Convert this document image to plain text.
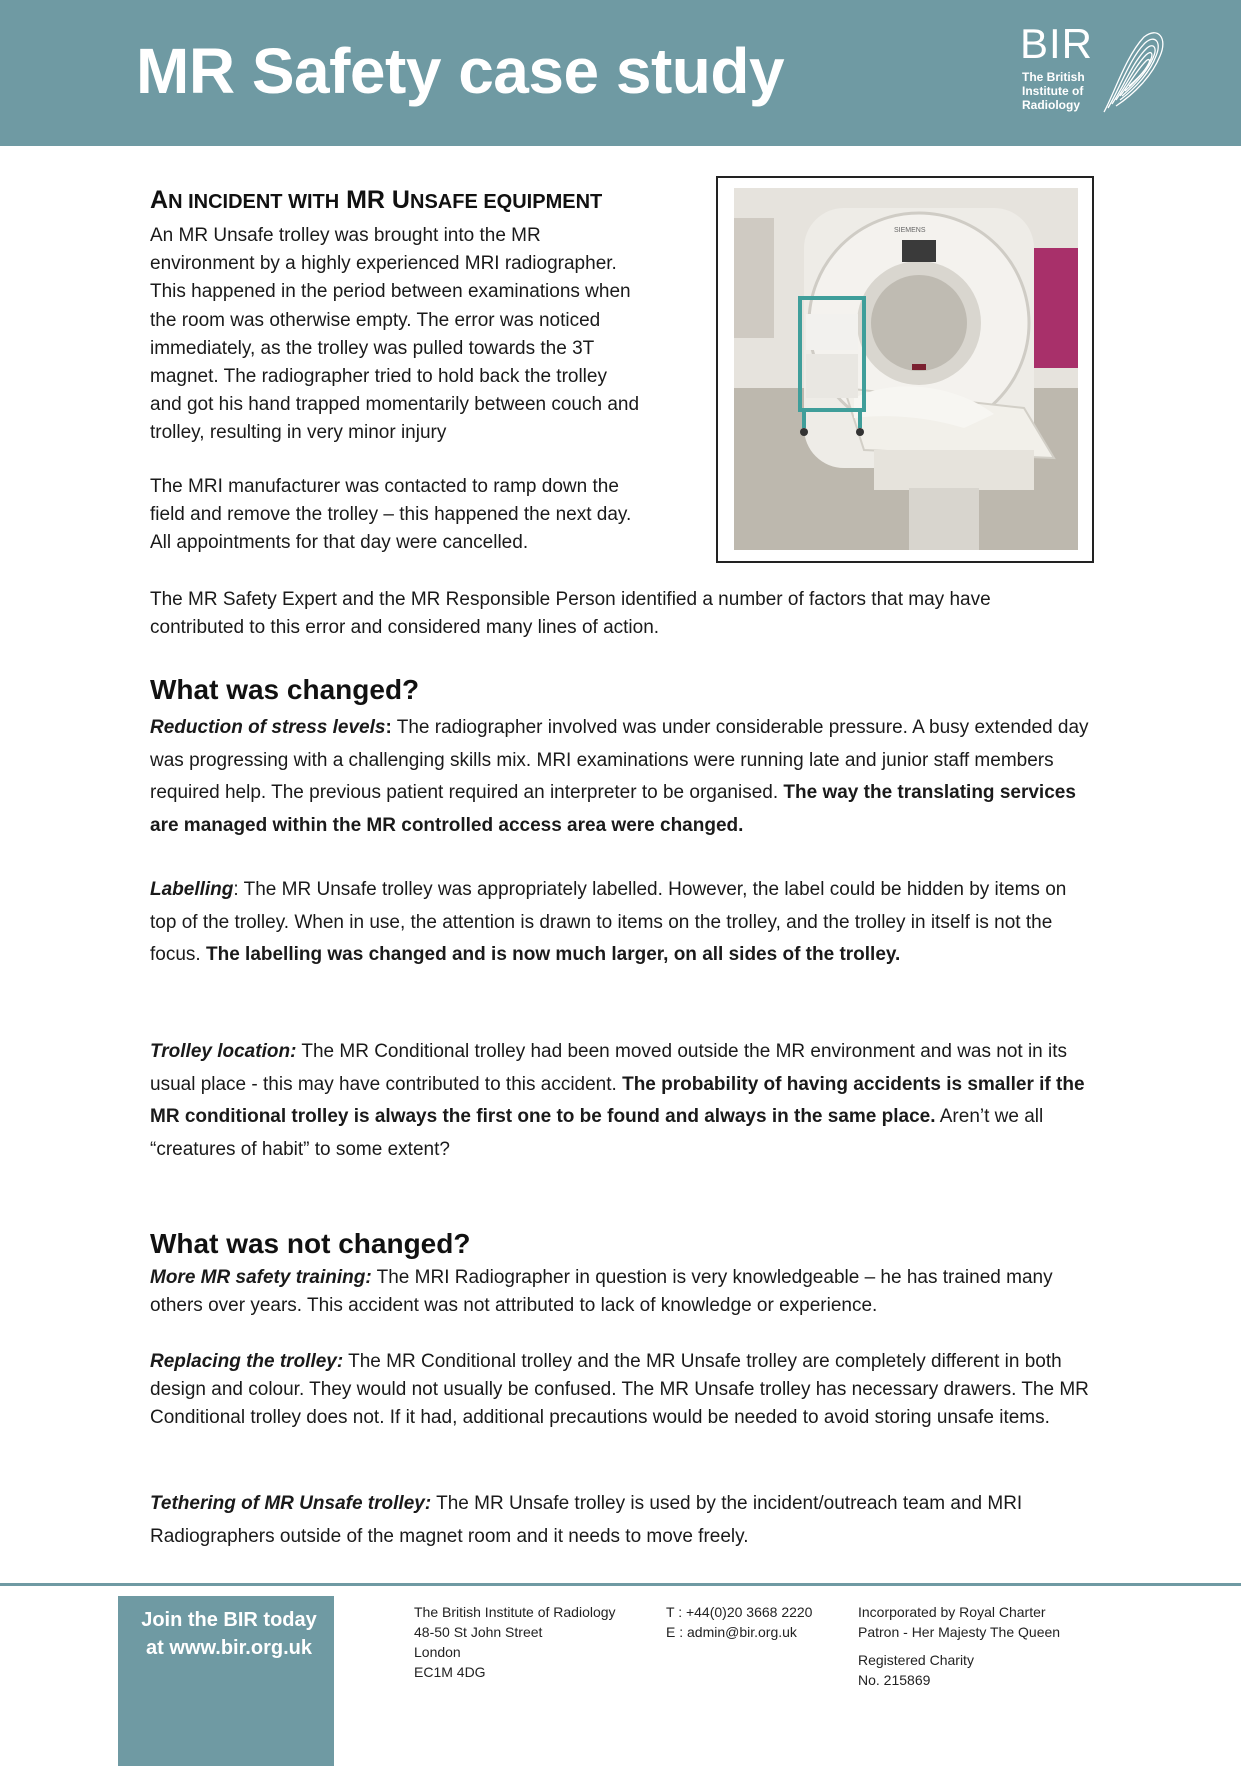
MR Safety case study	BIR
The British
Institute of
Radiology
AN INCIDENT WITH MR UNSAFE EQUIPMENT
An MR Unsafe trolley was brought into the MR
environment by a highly experienced MRI radiographer.
This happened in the period between examinations when
the room was otherwise empty. The error was noticed
immediately, as the trolley was pulled towards the 3T
magnet. The radiographer tried to hold back the trolley
and got his hand trapped momentarily between couch and
trolley, resulting in very minor injury
The MRI manufacturer was contacted to ramp down the
field and remove the trolley – this happened the next day.
All appointments for that day were cancelled.
SIEMENS
The MR Safety Expert and the MR Responsible Person identified a number of factors that may have
contributed to this error and considered many lines of action.
What was changed?
Reduction of stress levels: The radiographer involved was under considerable pressure. A busy extended day was progressing with a challenging skills mix. MRI examinations were running late and junior staff members required help. The previous patient required an interpreter to be organised. The way the translating services are managed within the MR controlled access area were changed.
Labelling: The MR Unsafe trolley was appropriately labelled. However, the label could be hidden by items on top of the trolley. When in use, the attention is drawn to items on the trolley, and the trolley in itself is not the focus. The labelling was changed and is now much larger, on all sides of the trolley.
Trolley location: The MR Conditional trolley had been moved outside the MR environment and was not in its usual place - this may have contributed to this accident. The probability of having accidents is smaller if the MR conditional trolley is always the first one to be found and always in the same place. Aren’t we all “creatures of habit” to some extent?
What was not changed?
More MR safety training: The MRI Radiographer in question is very knowledgeable – he has trained many others over years. This accident was not attributed to lack of knowledge or experience.
Replacing the trolley: The MR Conditional trolley and the MR Unsafe trolley are completely different in both design and colour. They would not usually be confused. The MR Unsafe trolley has necessary drawers. The MR Conditional trolley does not. If it had, additional precautions would be needed to avoid storing unsafe items.
Tethering of MR Unsafe trolley: The MR Unsafe trolley is used by the incident/outreach team and MRI Radiographers outside of the magnet room and it needs to move freely.
Join the BIR today
at www.bir.org.uk
The British Institute of Radiology
48-50 St John Street
London
EC1M 4DG
T : +44(0)20 3668 2220
E : admin@bir.org.uk
Incorporated by Royal Charter
Patron - Her Majesty The Queen
Registered Charity
No. 215869
